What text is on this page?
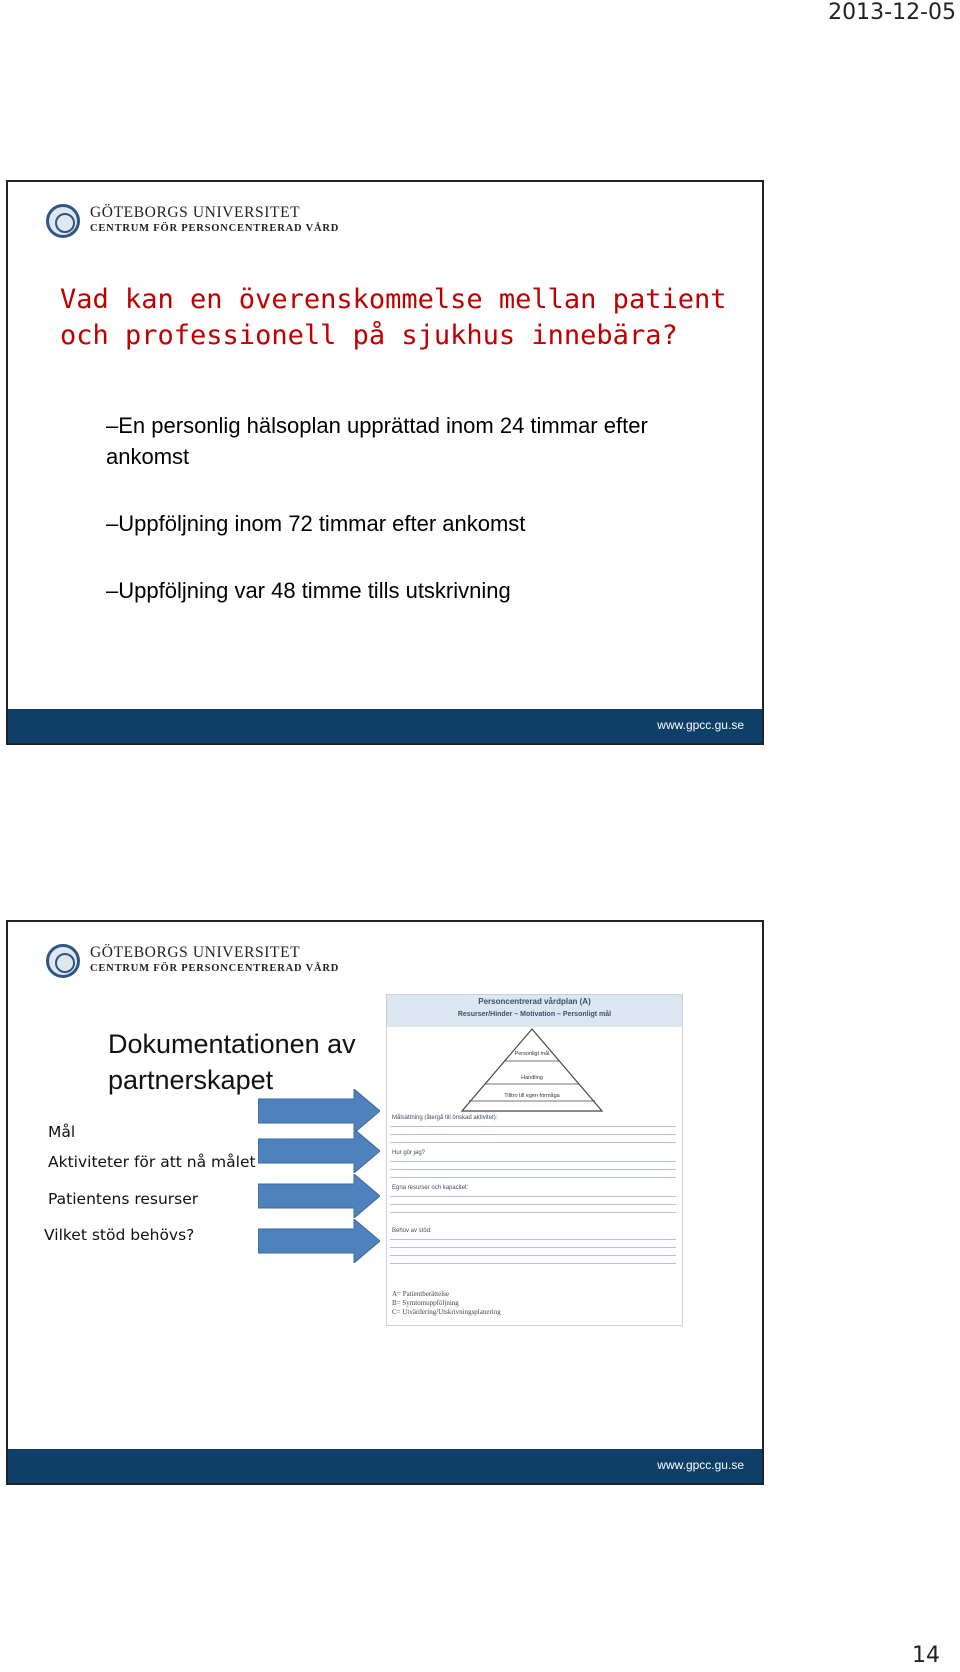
2013-12-05
GÖTEBORGS UNIVERSITET
CENTRUM FÖR PERSONCENTRERAD VÅRD
Vad kan en överenskommelse mellan patient
och professionell på sjukhus innebära?
–En personlig hälsoplan upprättad inom 24 timmar efter ankomst
–Uppföljning inom 72 timmar efter ankomst
–Uppföljning var 48 timme tills utskrivning
www.gpcc.gu.se
GÖTEBORGS UNIVERSITET
CENTRUM FÖR PERSONCENTRERAD VÅRD
Dokumentationen av
partnerskapet
Mål
Aktiviteter för att nå målet
Patientens resurser
Vilket stöd behövs?
Personcentrerad vårdplan (A)
Resurser/Hinder – Motivation – Personligt mål
Personligt mål
Handling
Tilltro till egen förmåga
Målsättning (återgå till önskad aktivitet):
Hur gör jag?
Egna resurser och kapacitet:
Behov av stöd:
A= Patientberättelse
B= Symtomuppföljning
C= Utvärdering/Utskrivningsplanering
www.gpcc.gu.se
14
